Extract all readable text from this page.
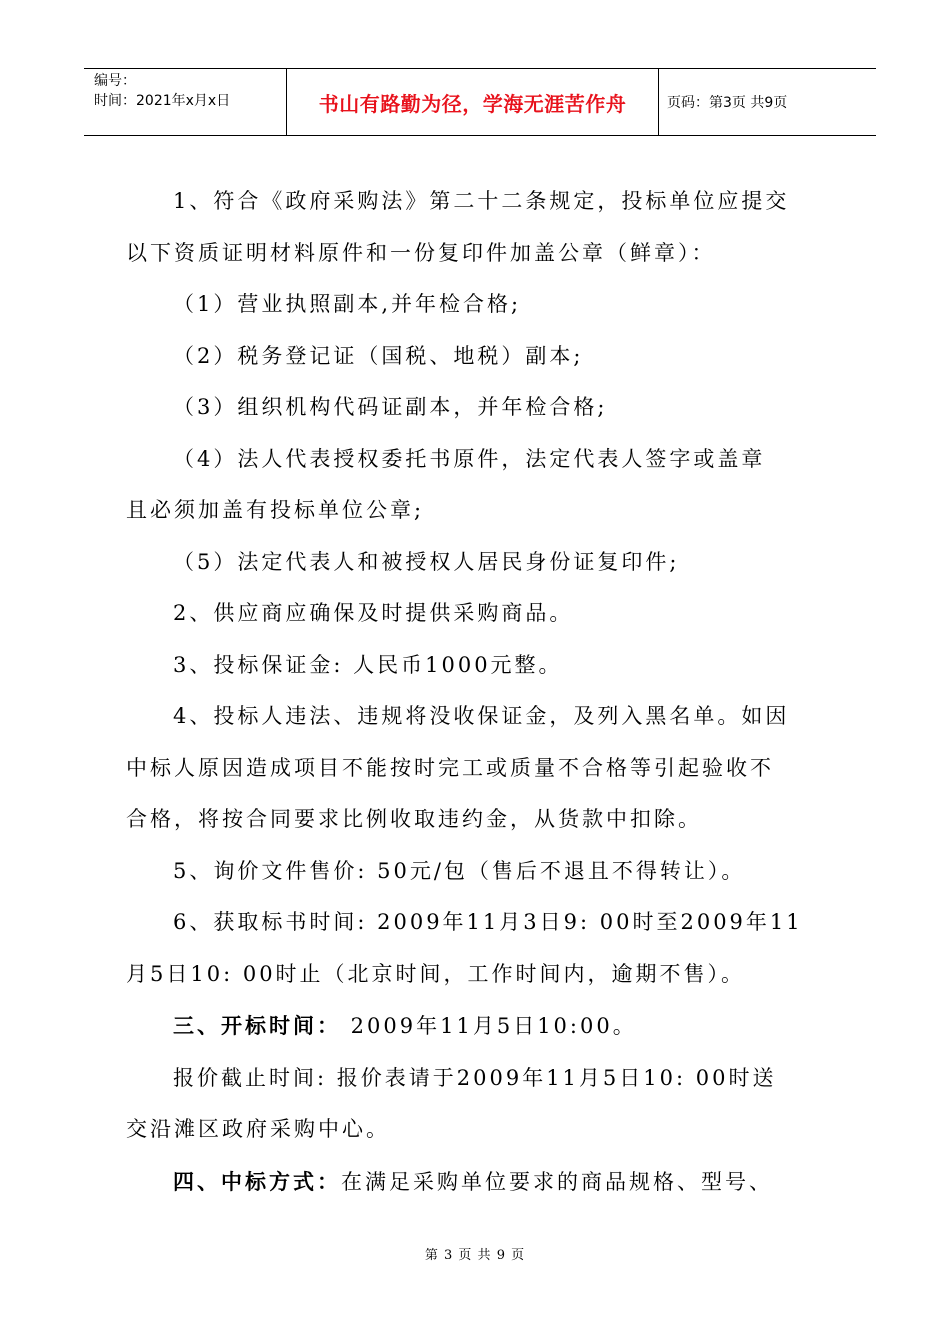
编号：
时间：2021年x月x日	书山有路勤为径，学海无涯苦作舟	页码：第3页 共9页

1、符合《政府采购法》第二十二条规定，投标单位应提交

以下资质证明材料原件和一份复印件加盖公章（鲜章）：

（1）营业执照副本,并年检合格;

（2）税务登记证（国税、地税）副本;

（3）组织机构代码证副本，并年检合格;

（4）法人代表授权委托书原件，法定代表人签字或盖章

且必须加盖有投标单位公章;

（5）法定代表人和被授权人居民身份证复印件;

2、供应商应确保及时提供采购商品。

3、投标保证金: 人民币1000元整。

4、投标人违法、违规将没收保证金，及列入黑名单。如因

中标人原因造成项目不能按时完工或质量不合格等引起验收不

合格，将按合同要求比例收取违约金，从货款中扣除。

5、询价文件售价: 50元/包（售后不退且不得转让）。

6、获取标书时间: 2009年11月3日9: 00时至2009年11

月5日10: 00时止（北京时间，工作时间内，逾期不售）。

三、开标时间： 2009年11月5日10:00。

报价截止时间: 报价表请于2009年11月5日10: 00时送

交沿滩区政府采购中心。

四、中标方式：在满足采购单位要求的商品规格、型号、

第 3 页 共 9 页
